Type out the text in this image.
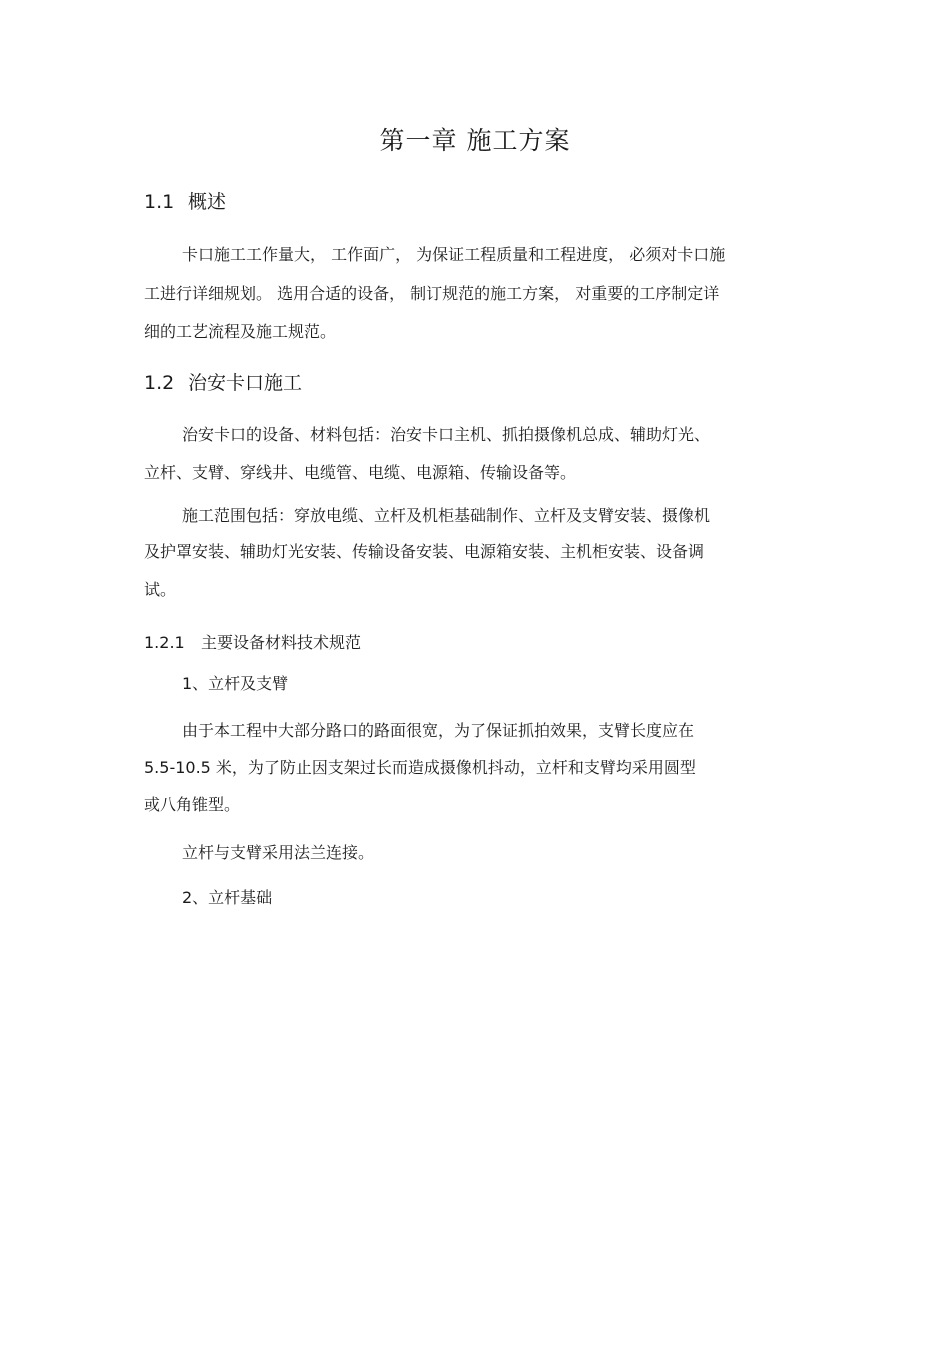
第一章 施工方案
1.1 概述

卡口施工工作量大， 工作面广， 为保证工程质量和工程进度， 必须对卡口施

工进行详细规划。 选用合适的设备， 制订规范的施工方案， 对重要的工序制定详

细的工艺流程及施工规范。

1.2 治安卡口施工

治安卡口的设备、材料包括：治安卡口主机、抓拍摄像机总成、辅助灯光、

立杆、支臂、穿线井、电缆管、电缆、电源箱、传输设备等。

施工范围包括：穿放电缆、立杆及机柜基础制作、立杆及支臂安装、摄像机

及护罩安装、辅助灯光安装、传输设备安装、电源箱安装、主机柜安装、设备调

试。

1.2.1 主要设备材料技术规范

1、立杆及支臂

由于本工程中大部分路口的路面很宽，为了保证抓拍效果，支臂长度应在

5.5-10.5 米，为了防止因支架过长而造成摄像机抖动，立杆和支臂均采用圆型

或八角锥型。

立杆与支臂采用法兰连接。

2、立杆基础
